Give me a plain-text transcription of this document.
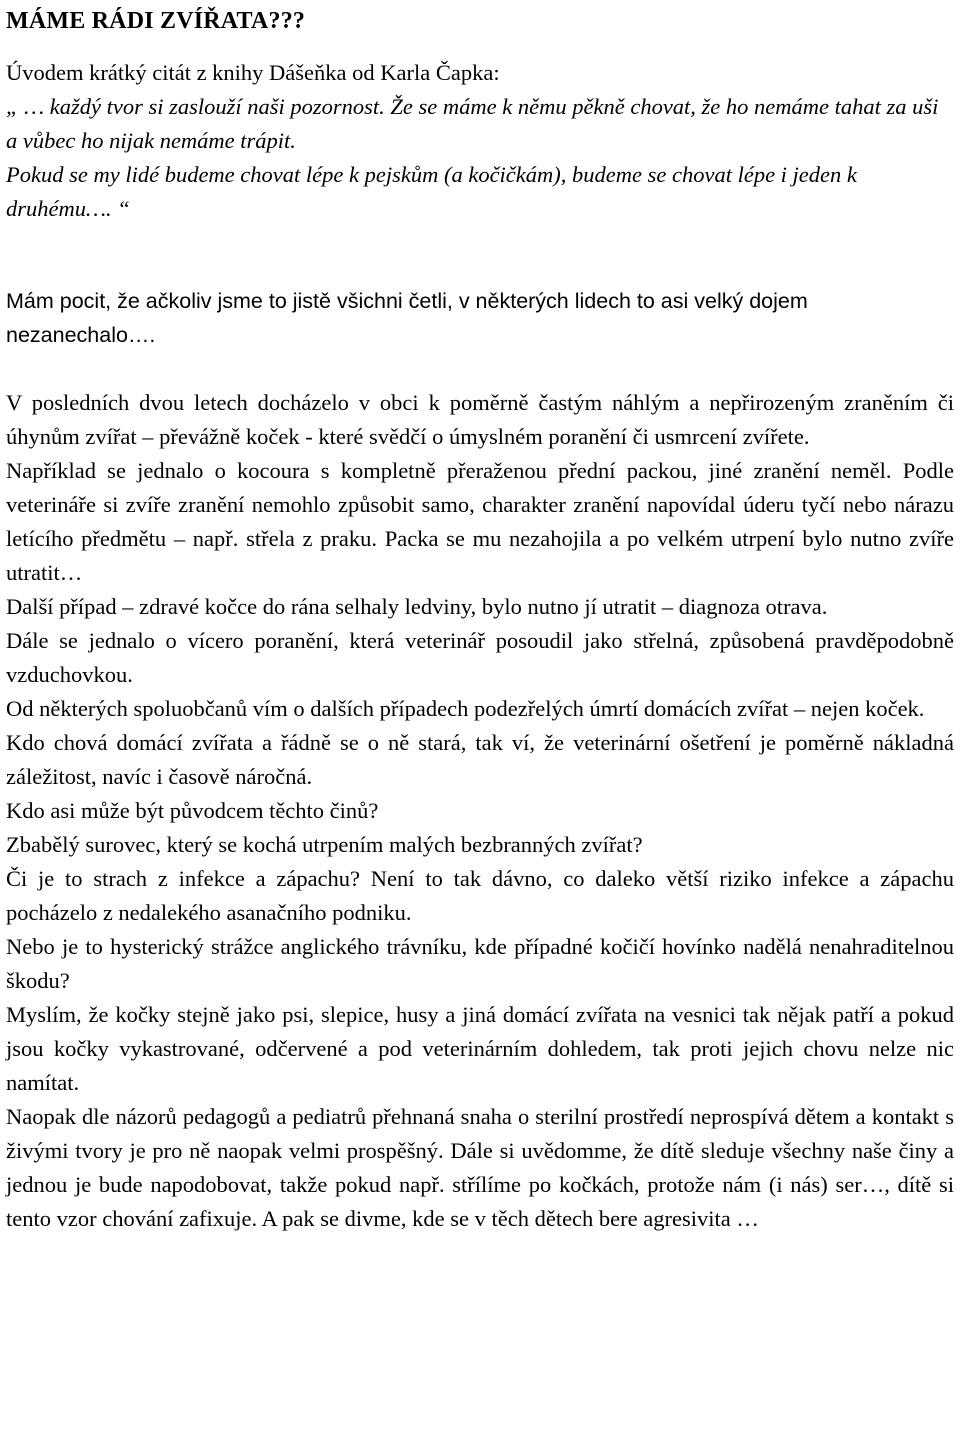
MÁME RÁDI ZVÍŘATA???

Úvodem krátký citát z knihy Dášeňka od Karla Čapka:

„ … každý tvor si zaslouží naši pozornost. Že se máme k němu pěkně chovat, že ho nemáme tahat za uši a vůbec ho nijak nemáme trápit.

Pokud se my lidé budeme chovat lépe k pejskům (a kočičkám), budeme se chovat lépe i jeden k druhému…. “

Mám pocit, že ačkoliv jsme to jistě všichni četli, v některých lidech to asi velký dojem nezanechalo….

V posledních dvou letech docházelo v obci k poměrně častým náhlým a nepřirozeným zraněním či úhynům zvířat – převážně koček - které svědčí o úmyslném poranění či usmrcení zvířete.

Například se jednalo o kocoura s kompletně přeraženou přední packou, jiné zranění neměl. Podle veterináře si zvíře zranění nemohlo způsobit samo, charakter zranění napovídal úderu tyčí nebo nárazu letícího předmětu – např. střela z praku. Packa se mu nezahojila a po velkém utrpení bylo nutno zvíře utratit…

Další případ – zdravé kočce do rána selhaly ledviny, bylo nutno jí utratit – diagnoza otrava.

Dále se jednalo o vícero poranění, která veterinář posoudil jako střelná, způsobená pravděpodobně vzduchovkou.

Od některých spoluobčanů vím o dalších případech podezřelých úmrtí domácích zvířat – nejen koček.

Kdo chová domácí zvířata a řádně se o ně stará, tak ví, že veterinární ošetření je poměrně nákladná záležitost, navíc i časově náročná.

Kdo asi může být původcem těchto činů?

Zbabělý surovec, který se kochá utrpením malých bezbranných zvířat?

Či je to strach z infekce a zápachu? Není to tak dávno, co daleko větší riziko infekce a zápachu pocházelo z nedalekého asanačního podniku.

Nebo je to hysterický strážce anglického trávníku, kde případné kočičí hovínko nadělá nenahraditelnou škodu?

Myslím, že kočky stejně jako psi, slepice, husy a jiná domácí zvířata na vesnici tak nějak patří a pokud jsou kočky vykastrované, odčervené a pod veterinárním dohledem, tak proti jejich chovu nelze nic namítat.

Naopak dle názorů pedagogů a pediatrů přehnaná snaha o sterilní prostředí neprospívá dětem a kontakt s živými tvory je pro ně naopak velmi prospěšný. Dále si uvědomme, že dítě sleduje všechny naše činy a jednou je bude napodobovat, takže pokud např. střílíme po kočkách, protože nám (i nás) ser…, dítě si tento vzor chování zafixuje. A pak se divme, kde se v těch dětech bere agresivita …
